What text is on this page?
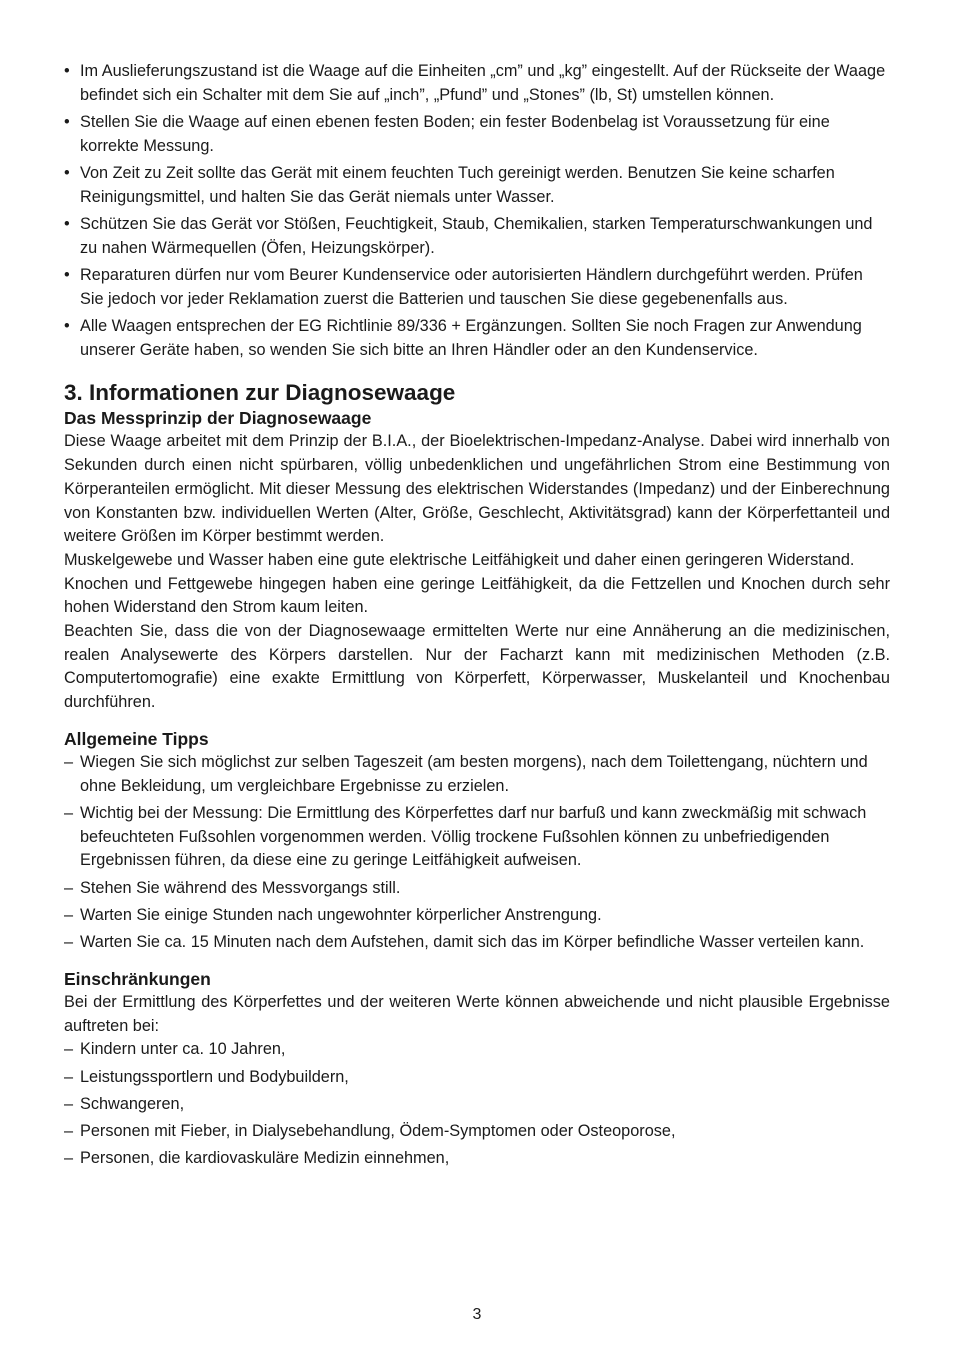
• Im Auslieferungszustand ist die Waage auf die Einheiten „cm” und „kg” eingestellt. Auf der Rückseite der Waage befindet sich ein Schalter mit dem Sie auf „inch”, „Pfund” und „Stones” (lb, St) umstellen können.
• Stellen Sie die Waage auf einen ebenen festen Boden; ein fester Bodenbelag ist Voraussetzung für eine korrekte Messung.
• Von Zeit zu Zeit sollte das Gerät mit einem feuchten Tuch gereinigt werden. Benutzen Sie keine scharfen Reinigungsmittel, und halten Sie das Gerät niemals unter Wasser.
• Schützen Sie das Gerät vor Stößen, Feuchtigkeit, Staub, Chemikalien, starken Temperaturschwankungen und zu nahen Wärmequellen (Öfen, Heizungskörper).
• Reparaturen dürfen nur vom Beurer Kundenservice oder autorisierten Händlern durchgeführt werden. Prüfen Sie jedoch vor jeder Reklamation zuerst die Batterien und tauschen Sie diese gegebenenfalls aus.
• Alle Waagen entsprechen der EG Richtlinie 89/336 + Ergänzungen. Sollten Sie noch Fragen zur Anwendung unserer Geräte haben, so wenden Sie sich bitte an Ihren Händler oder an den Kundenservice.
3. Informationen zur Diagnosewaage
Das Messprinzip der Diagnosewaage

Diese Waage arbeitet mit dem Prinzip der B.I.A., der Bioelektrischen-Impedanz-Analyse. Dabei wird innerhalb von Sekunden durch einen nicht spürbaren, völlig unbedenklichen und ungefährlichen Strom eine Bestimmung von Körperanteilen ermöglicht. Mit dieser Messung des elektrischen Widerstandes (Impedanz) und der Einberechnung von Konstanten bzw. individuellen Werten (Alter, Größe, Geschlecht, Aktivitätsgrad) kann der Körperfettanteil und weitere Größen im Körper bestimmt werden.

Muskelgewebe und Wasser haben eine gute elektrische Leitfähigkeit und daher einen geringeren Widerstand.

Knochen und Fettgewebe hingegen haben eine geringe Leitfähigkeit, da die Fettzellen und Knochen durch sehr hohen Widerstand den Strom kaum leiten.

Beachten Sie, dass die von der Diagnosewaage ermittelten Werte nur eine Annäherung an die medizinischen, realen Analysewerte des Körpers darstellen. Nur der Facharzt kann mit medizinischen Methoden (z.B. Computertomografie) eine exakte Ermittlung von Körperfett, Körperwasser, Muskelanteil und Knochenbau durchführen.

Allgemeine Tipps
– Wiegen Sie sich möglichst zur selben Tageszeit (am besten morgens), nach dem Toilettengang, nüchtern und ohne Bekleidung, um vergleichbare Ergebnisse zu erzielen.
– Wichtig bei der Messung: Die Ermittlung des Körperfettes darf nur barfuß und kann zweckmäßig mit schwach befeuchteten Fußsohlen vorgenommen werden. Völlig trockene Fußsohlen können zu unbefriedigenden Ergebnissen führen, da diese eine zu geringe Leitfähigkeit aufweisen.
– Stehen Sie während des Messvorgangs still.
– Warten Sie einige Stunden nach ungewohnter körperlicher Anstrengung.
– Warten Sie ca. 15 Minuten nach dem Aufstehen, damit sich das im Körper befindliche Wasser verteilen kann.
Einschränkungen

Bei der Ermittlung des Körperfettes und der weiteren Werte können abweichende und nicht plausible Ergebnisse auftreten bei:

– Kindern unter ca. 10 Jahren,
– Leistungssportlern und Bodybuildern,
– Schwangeren,
– Personen mit Fieber, in Dialysebehandlung, Ödem-Symptomen oder Osteoporose,
– Personen, die kardiovaskuläre Medizin einnehmen,
3
